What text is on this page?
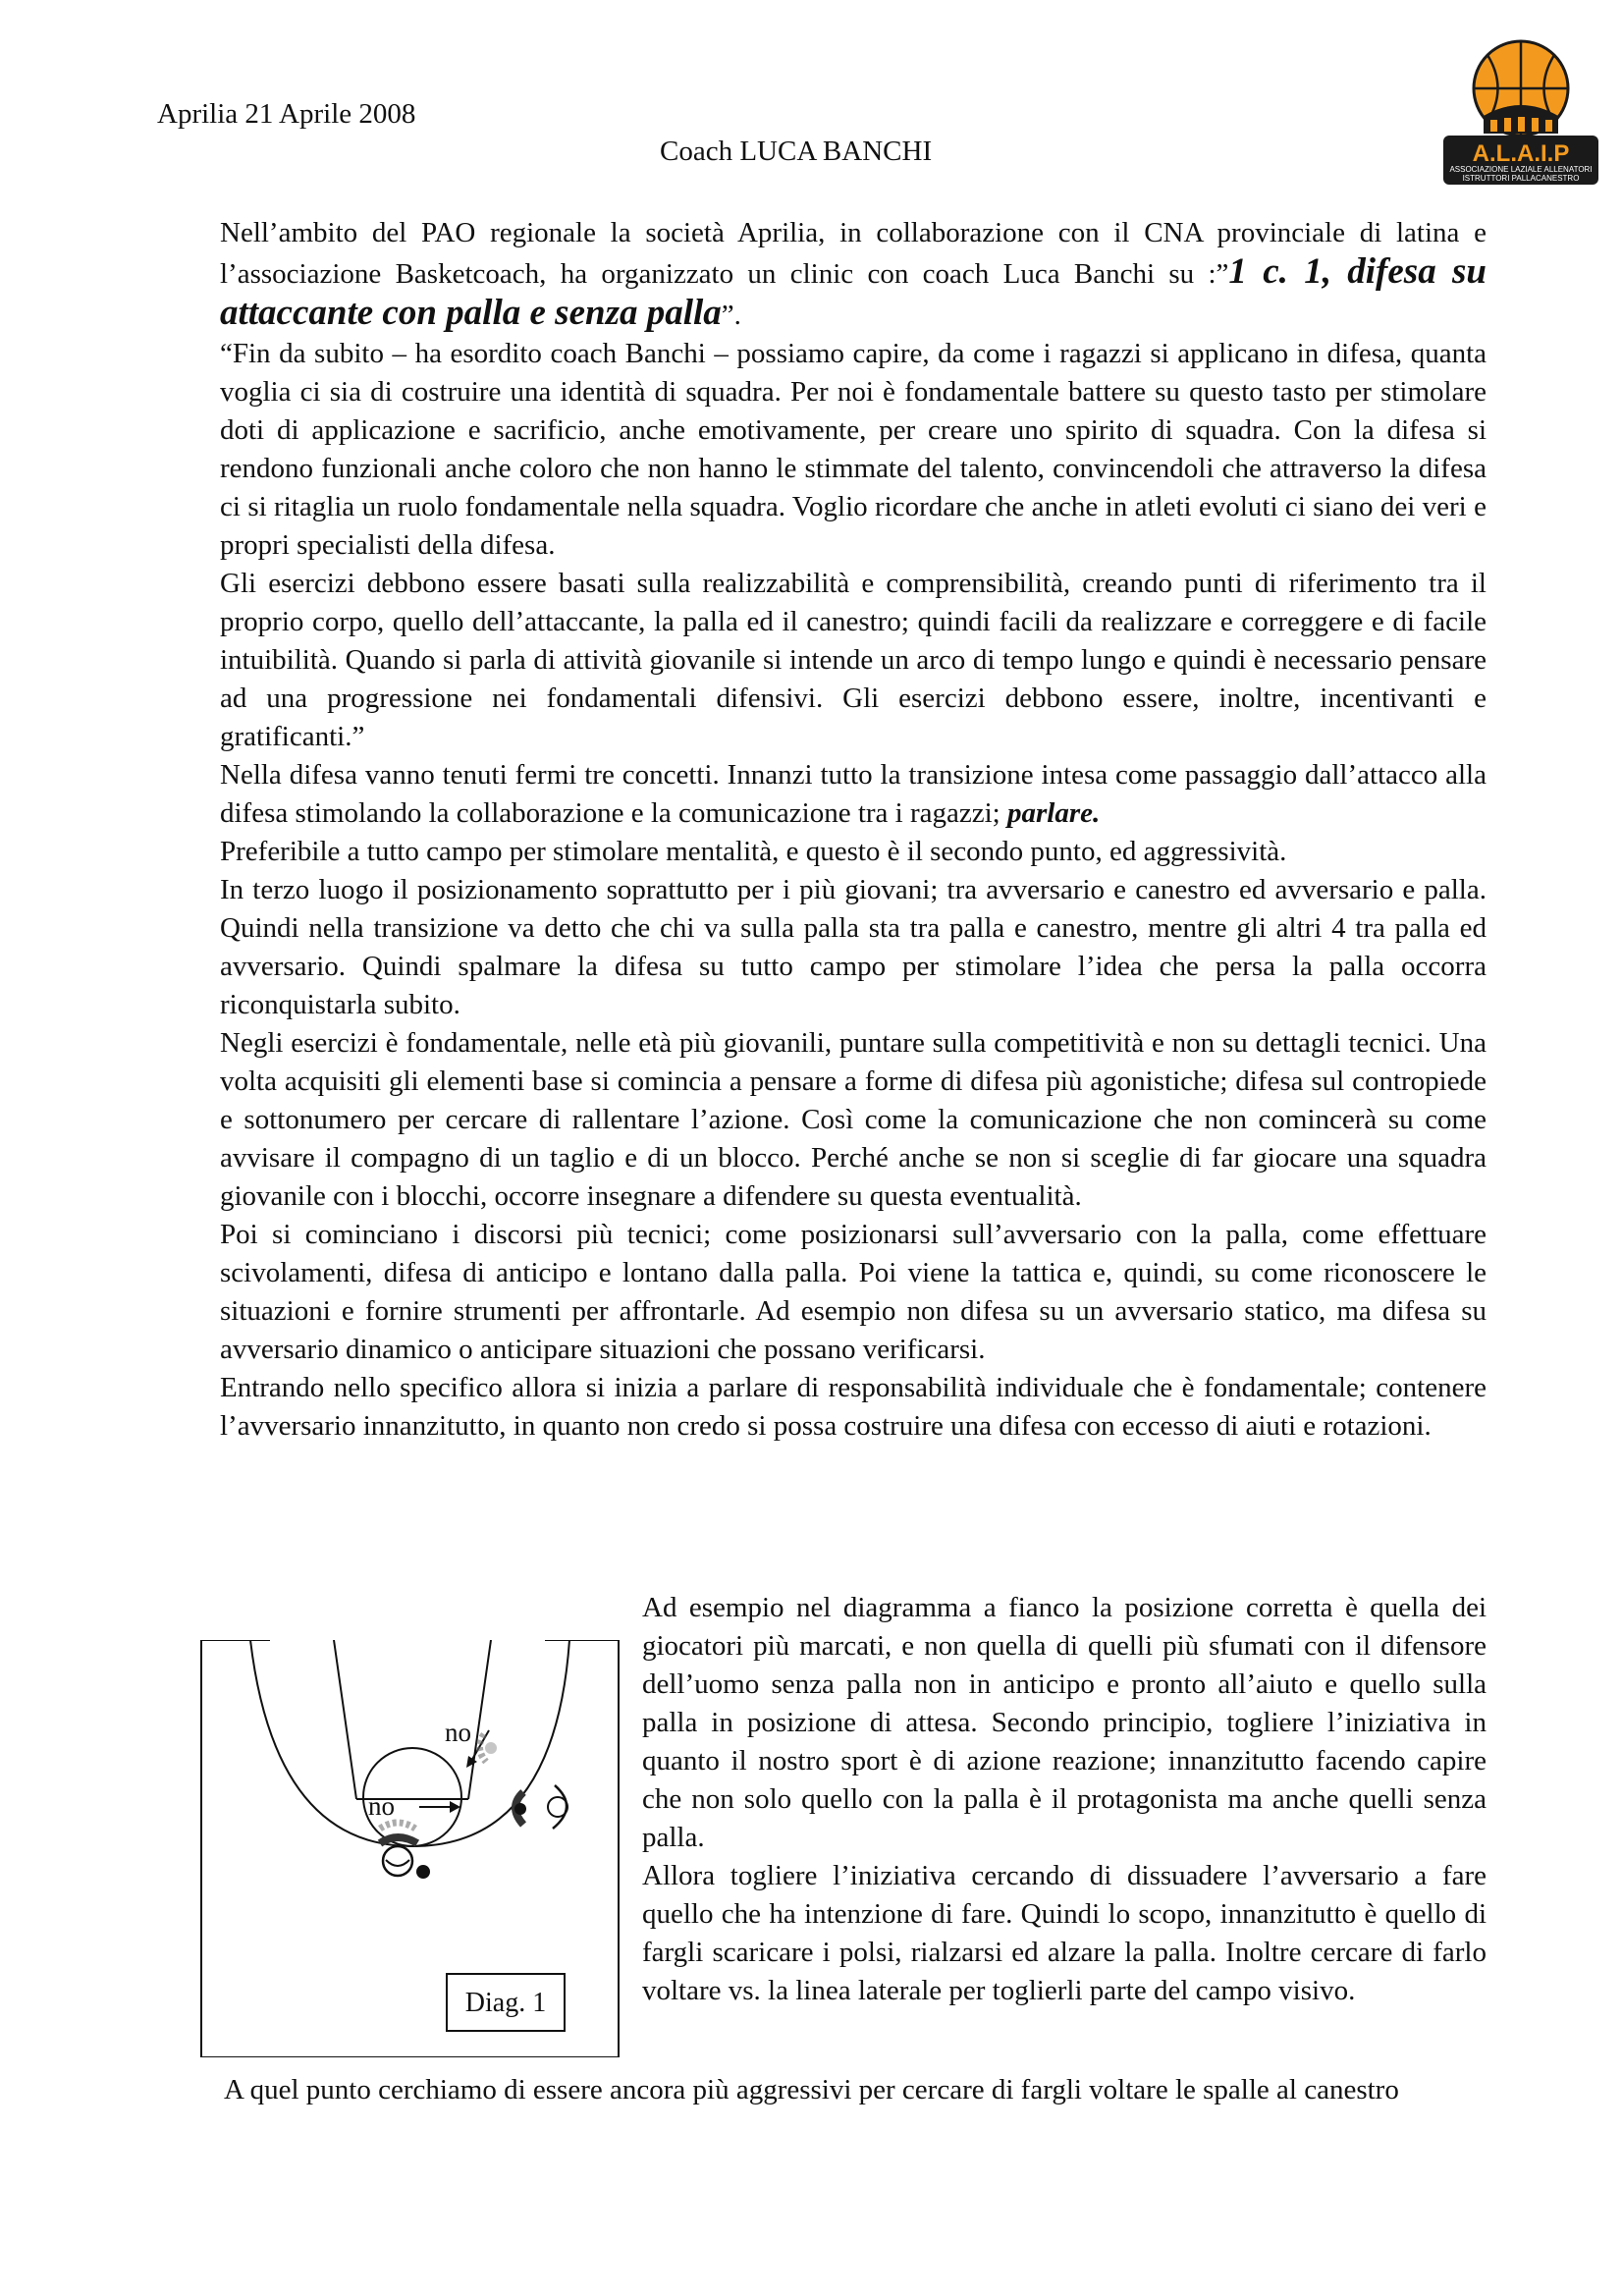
Aprilia 21 Aprile 2008
Coach LUCA BANCHI	A.L.A.I.P
ASSOCIAZIONE LAZIALE ALLENATORI
ISTRUTTORI PALLACANESTRO

Nell’ambito del PAO regionale la società Aprilia, in collaborazione con il CNA provinciale di latina e l’associazione Basketcoach, ha organizzato un clinic con coach Luca Banchi su :”1 c. 1, difesa su attaccante con palla e senza palla”.

“Fin da subito – ha esordito coach Banchi – possiamo capire, da come i ragazzi si applicano in difesa, quanta voglia ci sia di costruire una identità di squadra. Per noi è fondamentale battere su questo tasto per stimolare doti di applicazione e sacrificio, anche emotivamente, per creare uno spirito di squadra. Con la difesa si rendono funzionali anche coloro che non hanno le stimmate del talento, convincendoli che attraverso la difesa ci si ritaglia un ruolo fondamentale nella squadra. Voglio ricordare che anche in atleti evoluti ci siano dei veri e propri specialisti della difesa.

Gli esercizi debbono essere basati sulla realizzabilità e comprensibilità, creando punti di riferimento tra il proprio corpo, quello dell’attaccante, la palla ed il canestro; quindi facili da realizzare e correggere e di facile intuibilità. Quando si parla di attività giovanile si intende un arco di tempo lungo e quindi è necessario pensare ad una progressione nei fondamentali difensivi. Gli esercizi debbono essere, inoltre, incentivanti e gratificanti.”

Nella difesa vanno tenuti fermi tre concetti. Innanzi tutto la transizione intesa come passaggio dall’attacco alla difesa stimolando la collaborazione e la comunicazione tra i ragazzi; parlare.

Preferibile a tutto campo per stimolare mentalità, e questo è il secondo punto, ed aggressività.

In terzo luogo il posizionamento soprattutto per i più giovani; tra avversario e canestro ed avversario e palla. Quindi nella transizione va detto che chi va sulla palla sta tra palla e canestro, mentre gli altri 4 tra palla ed avversario. Quindi spalmare la difesa su tutto campo per stimolare l’idea che persa la palla occorra riconquistarla subito.

Negli esercizi è fondamentale, nelle età più giovanili, puntare sulla competitività e non su dettagli tecnici. Una volta acquisiti gli elementi base si comincia a pensare a forme di difesa più agonistiche; difesa sul contropiede e sottonumero per cercare di rallentare l’azione. Così come la comunicazione che non comincerà su come avvisare il compagno di un taglio e di un blocco. Perché anche se non si sceglie di far giocare una squadra giovanile con i blocchi, occorre insegnare a difendere su questa eventualità.

Poi si cominciano i discorsi più tecnici; come posizionarsi sull’avversario con la palla, come effettuare scivolamenti, difesa di anticipo e lontano dalla palla. Poi viene la tattica e, quindi, su come riconoscere le situazioni e fornire strumenti per affrontarle. Ad esempio non difesa su un avversario statico, ma difesa su avversario dinamico o anticipare situazioni che possano verificarsi.

Entrando nello specifico allora si inizia a parlare di responsabilità individuale che è fondamentale; contenere l’avversario innanzitutto, in quanto non credo si possa costruire una difesa con eccesso di aiuti e rotazioni.

Ad esempio nel diagramma a fianco la posizione corretta è quella dei giocatori più marcati, e non quella di quelli più sfumati con il difensore dell’uomo senza palla non in anticipo e pronto all’aiuto e quello sulla palla in posizione di attesa. Secondo principio, togliere l’iniziativa in quanto il nostro sport è di azione reazione; innanzitutto facendo capire che non solo quello con la palla è il protagonista ma anche quelli senza palla.

Allora togliere l’iniziativa cercando di dissuadere l’avversario a fare quello che ha intenzione di fare. Quindi lo scopo, innanzitutto è quello di fargli scaricare i polsi, rialzarsi ed alzare la palla. Inoltre cercare di farlo voltare vs. la linea laterale per toglierli parte del campo visivo.

no
no
Diag. 1

A quel punto cerchiamo di essere ancora più aggressivi per cercare di fargli voltare le spalle al canestro
